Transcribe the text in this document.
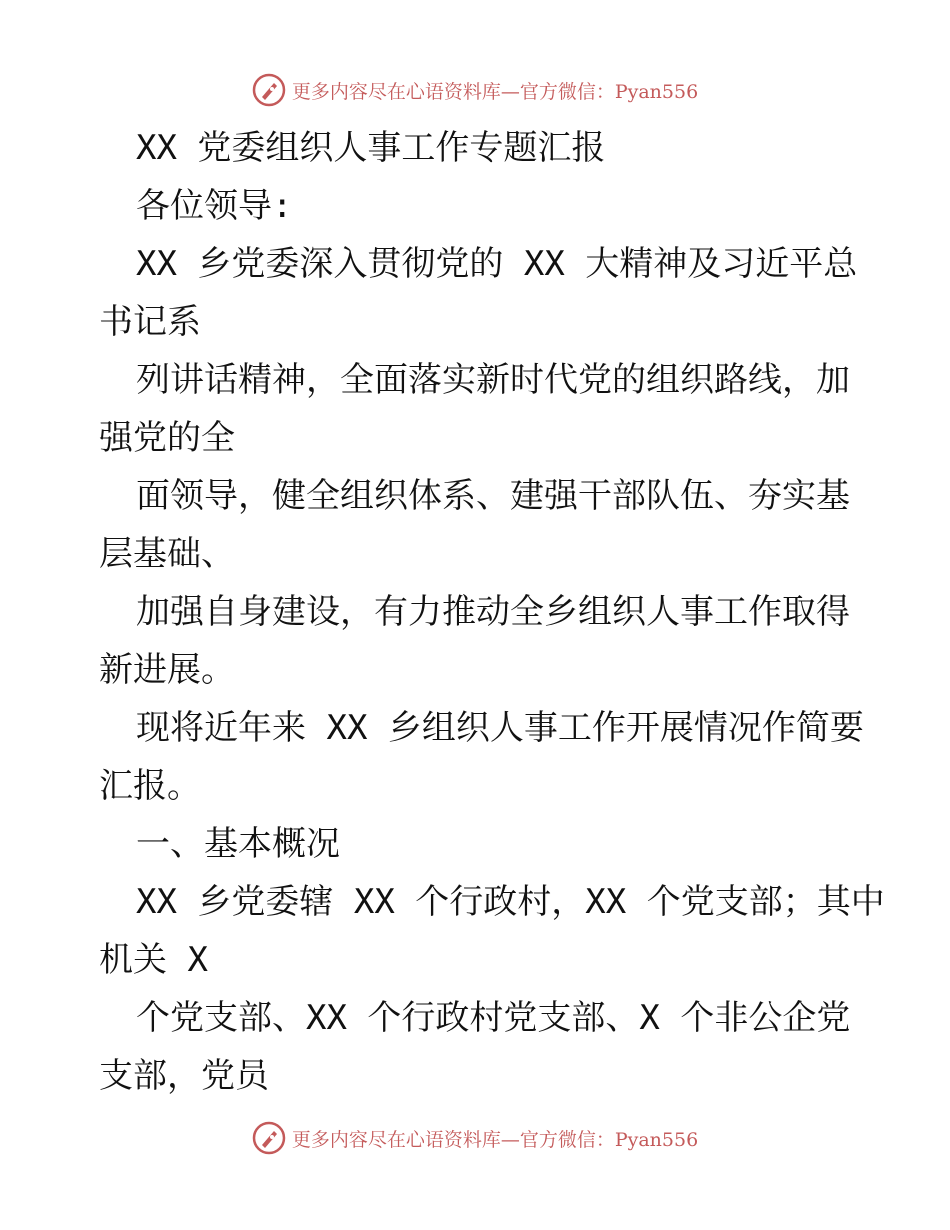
更多内容尽在心语资料库—官方微信：Pyan556
XX 党委组织人事工作专题汇报
各位领导:
XX 乡党委深入贯彻党的 XX 大精神及习近平总
书记系
列讲话精神，全面落实新时代党的组织路线，加
强党的全
面领导，健全组织体系、建强干部队伍、夯实基
层基础、
加强自身建设，有力推动全乡组织人事工作取得
新进展。
现将近年来 XX 乡组织人事工作开展情况作简要
汇报。
一、基本概况
XX 乡党委辖 XX 个行政村，XX 个党支部；其中
机关 X
个党支部、XX 个行政村党支部、X 个非公企党
支部，党员
更多内容尽在心语资料库—官方微信：Pyan556
